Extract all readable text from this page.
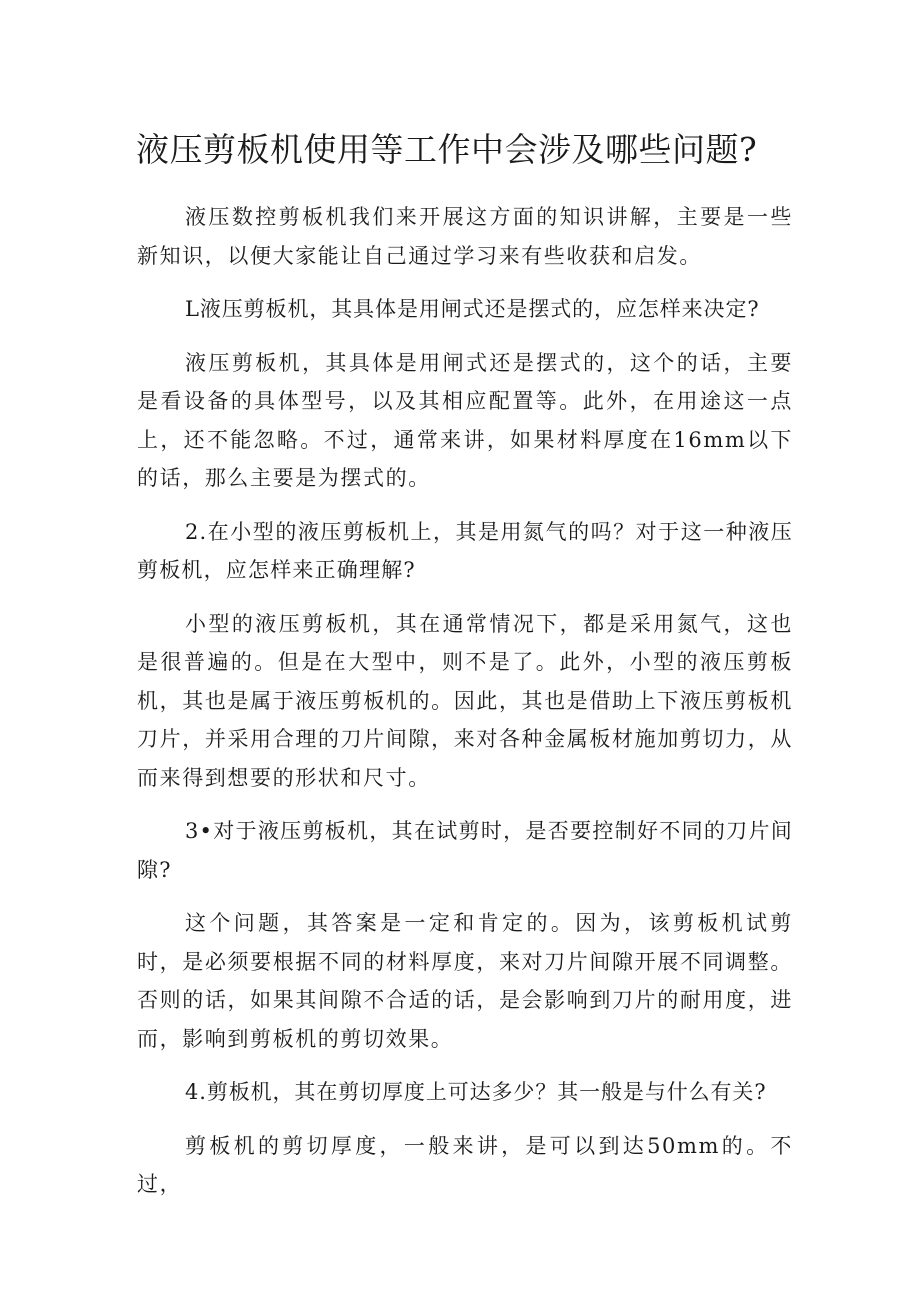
液压剪板机使用等工作中会涉及哪些问题?

液压数控剪板机我们来开展这方面的知识讲解，主要是一些新知识，以便大家能让自己通过学习来有些收获和启发。

L液压剪板机，其具体是用闸式还是摆式的，应怎样来决定?

液压剪板机，其具体是用闸式还是摆式的，这个的话，主要是看设备的具体型号，以及其相应配置等。此外，在用途这一点上，还不能忽略。不过，通常来讲，如果材料厚度在16mm以下的话，那么主要是为摆式的。

2.在小型的液压剪板机上，其是用氮气的吗？对于这一种液压剪板机，应怎样来正确理解?

小型的液压剪板机，其在通常情况下，都是采用氮气，这也是很普遍的。但是在大型中，则不是了。此外，小型的液压剪板机，其也是属于液压剪板机的。因此，其也是借助上下液压剪板机刀片，并采用合理的刀片间隙，来对各种金属板材施加剪切力，从而来得到想要的形状和尺寸。

3•对于液压剪板机，其在试剪时，是否要控制好不同的刀片间隙?

这个问题，其答案是一定和肯定的。因为，该剪板机试剪时，是必须要根据不同的材料厚度，来对刀片间隙开展不同调整。否则的话，如果其间隙不合适的话，是会影响到刀片的耐用度，进而，影响到剪板机的剪切效果。

4.剪板机，其在剪切厚度上可达多少？其一般是与什么有关?

剪板机的剪切厚度，一般来讲，是可以到达50mm的。不过，
